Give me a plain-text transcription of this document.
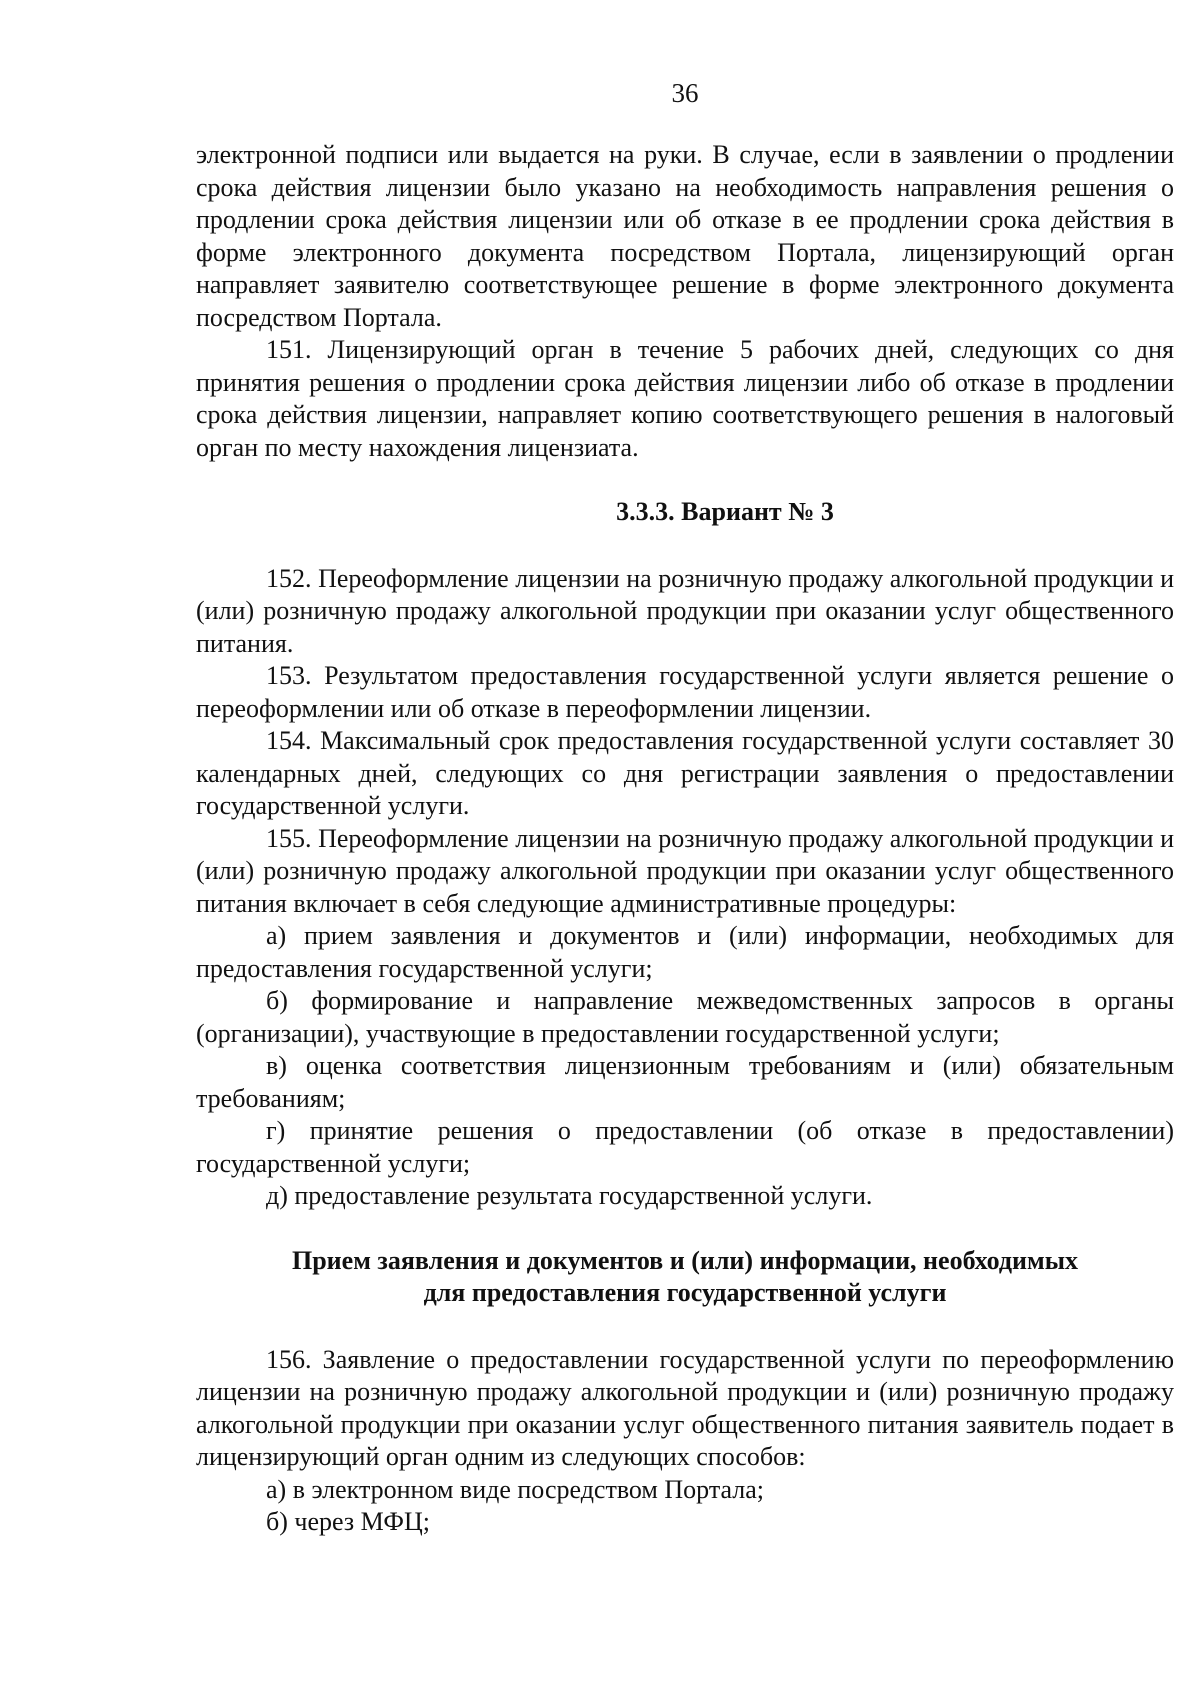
36

электронной подписи или выдается на руки. В случае, если в заявлении о продлении срока действия лицензии было указано на необходимость направления решения о продлении срока действия лицензии или об отказе в ее продлении срока действия в форме электронного документа посредством Портала, лицензирующий орган направляет заявителю соответствующее решение в форме электронного документа посредством Портала.

151. Лицензирующий орган в течение 5 рабочих дней, следующих со дня принятия решения о продлении срока действия лицензии либо об отказе в продлении срока действия лицензии, направляет копию соответствующего решения в налоговый орган по месту нахождения лицензиата.

3.3.3. Вариант № 3

152. Переоформление лицензии на розничную продажу алкогольной продукции и (или) розничную продажу алкогольной продукции при оказании услуг общественного питания.

153. Результатом предоставления государственной услуги является решение о переоформлении или об отказе в переоформлении лицензии.

154. Максимальный срок предоставления государственной услуги составляет 30 календарных дней, следующих со дня регистрации заявления о предоставлении государственной услуги.

155. Переоформление лицензии на розничную продажу алкогольной продукции и (или) розничную продажу алкогольной продукции при оказании услуг общественного питания включает в себя следующие административные процедуры:

а) прием заявления и документов и (или) информации, необходимых для предоставления государственной услуги;

б) формирование и направление межведомственных запросов в органы (организации), участвующие в предоставлении государственной услуги;

в) оценка соответствия лицензионным требованиям и (или) обязательным требованиям;

г) принятие решения о предоставлении (об отказе в предоставлении) государственной услуги;

д) предоставление результата государственной услуги.

Прием заявления и документов и (или) информации, необходимых

для предоставления государственной услуги

156. Заявление о предоставлении государственной услуги по переоформлению лицензии на розничную продажу алкогольной продукции и (или) розничную продажу алкогольной продукции при оказании услуг общественного питания заявитель подает в лицензирующий орган одним из следующих способов:

а) в электронном виде посредством Портала;

б) через МФЦ;
